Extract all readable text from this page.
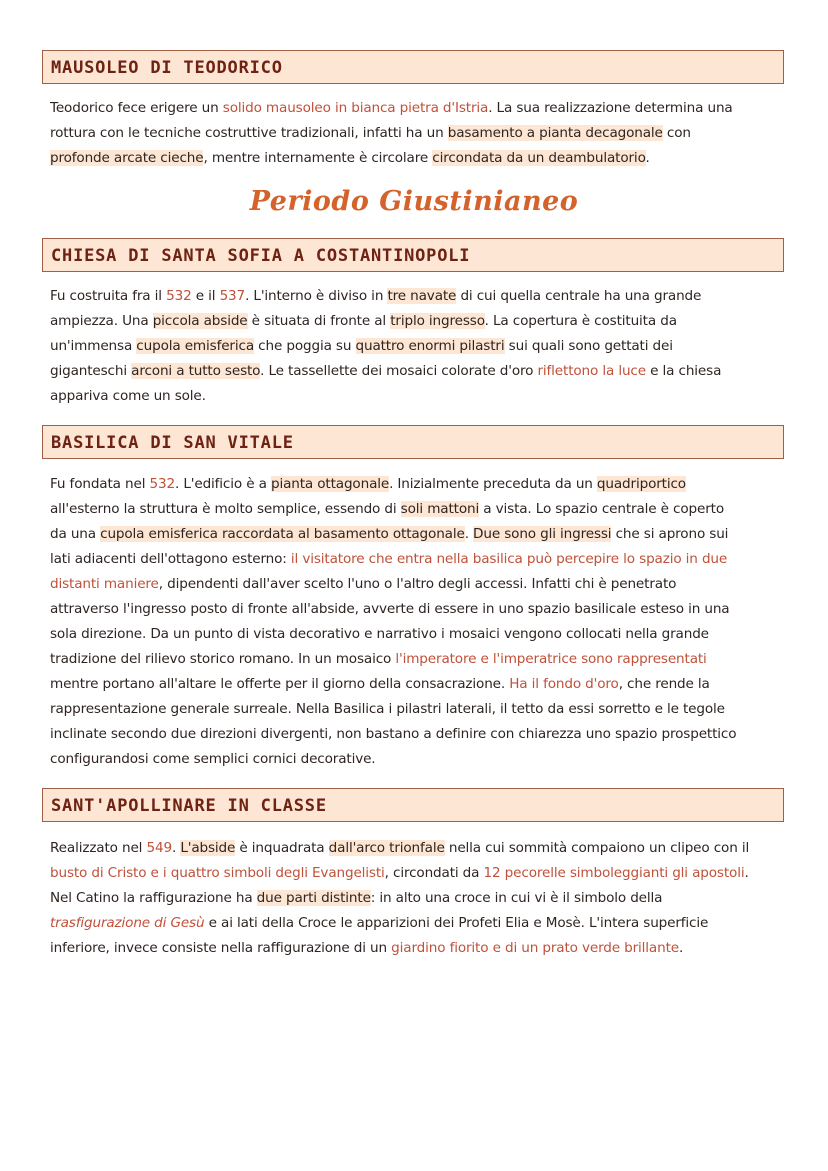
MAUSOLEO DI TEODORICO
Teodorico fece erigere un solido mausoleo in bianca pietra d'Istria. La sua realizzazione determina una
rottura con le tecniche costruttive tradizionali, infatti ha un basamento a pianta decagonale con
profonde arcate cieche, mentre internamente è circolare circondata da un deambulatorio.
Periodo Giustinianeo
CHIESA DI SANTA SOFIA A COSTANTINOPOLI
Fu costruita fra il 532 e il 537. L'interno è diviso in tre navate di cui quella centrale ha una grande
ampiezza. Una piccola abside è situata di fronte al triplo ingresso. La copertura è costituita da
un'immensa cupola emisferica che poggia su quattro enormi pilastri sui quali sono gettati dei
giganteschi arconi a tutto sesto. Le tassellette dei mosaici colorate d'oro riflettono la luce e la chiesa
appariva come un sole.
BASILICA DI SAN VITALE
Fu fondata nel 532. L'edificio è a pianta ottagonale. Inizialmente preceduta da un quadriportico
all'esterno la struttura è molto semplice, essendo di soli mattoni a vista. Lo spazio centrale è coperto
da una cupola emisferica raccordata al basamento ottagonale. Due sono gli ingressi che si aprono sui
lati adiacenti dell'ottagono esterno: il visitatore che entra nella basilica può percepire lo spazio in due
distanti maniere, dipendenti dall'aver scelto l'uno o l'altro degli accessi. Infatti chi è penetrato
attraverso l'ingresso posto di fronte all'abside, avverte di essere in uno spazio basilicale esteso in una
sola direzione. Da un punto di vista decorativo e narrativo i mosaici vengono collocati nella grande
tradizione del rilievo storico romano. In un mosaico l'imperatore e l'imperatrice sono rappresentati
mentre portano all'altare le offerte per il giorno della consacrazione. Ha il fondo d'oro, che rende la
rappresentazione generale surreale. Nella Basilica i pilastri laterali, il tetto da essi sorretto e le tegole
inclinate secondo due direzioni divergenti, non bastano a definire con chiarezza uno spazio prospettico
configurandosi come semplici cornici decorative.
SANT'APOLLINARE IN CLASSE
Realizzato nel 549. L'abside è inquadrata dall'arco trionfale nella cui sommità compaiono un clipeo con il
busto di Cristo e i quattro simboli degli Evangelisti, circondati da 12 pecorelle simboleggianti gli apostoli.
Nel Catino la raffigurazione ha due parti distinte: in alto una croce in cui vi è il simbolo della
trasfigurazione di Gesù e ai lati della Croce le apparizioni dei Profeti Elia e Mosè. L'intera superficie
inferiore, invece consiste nella raffigurazione di un giardino fiorito e di un prato verde brillante.
